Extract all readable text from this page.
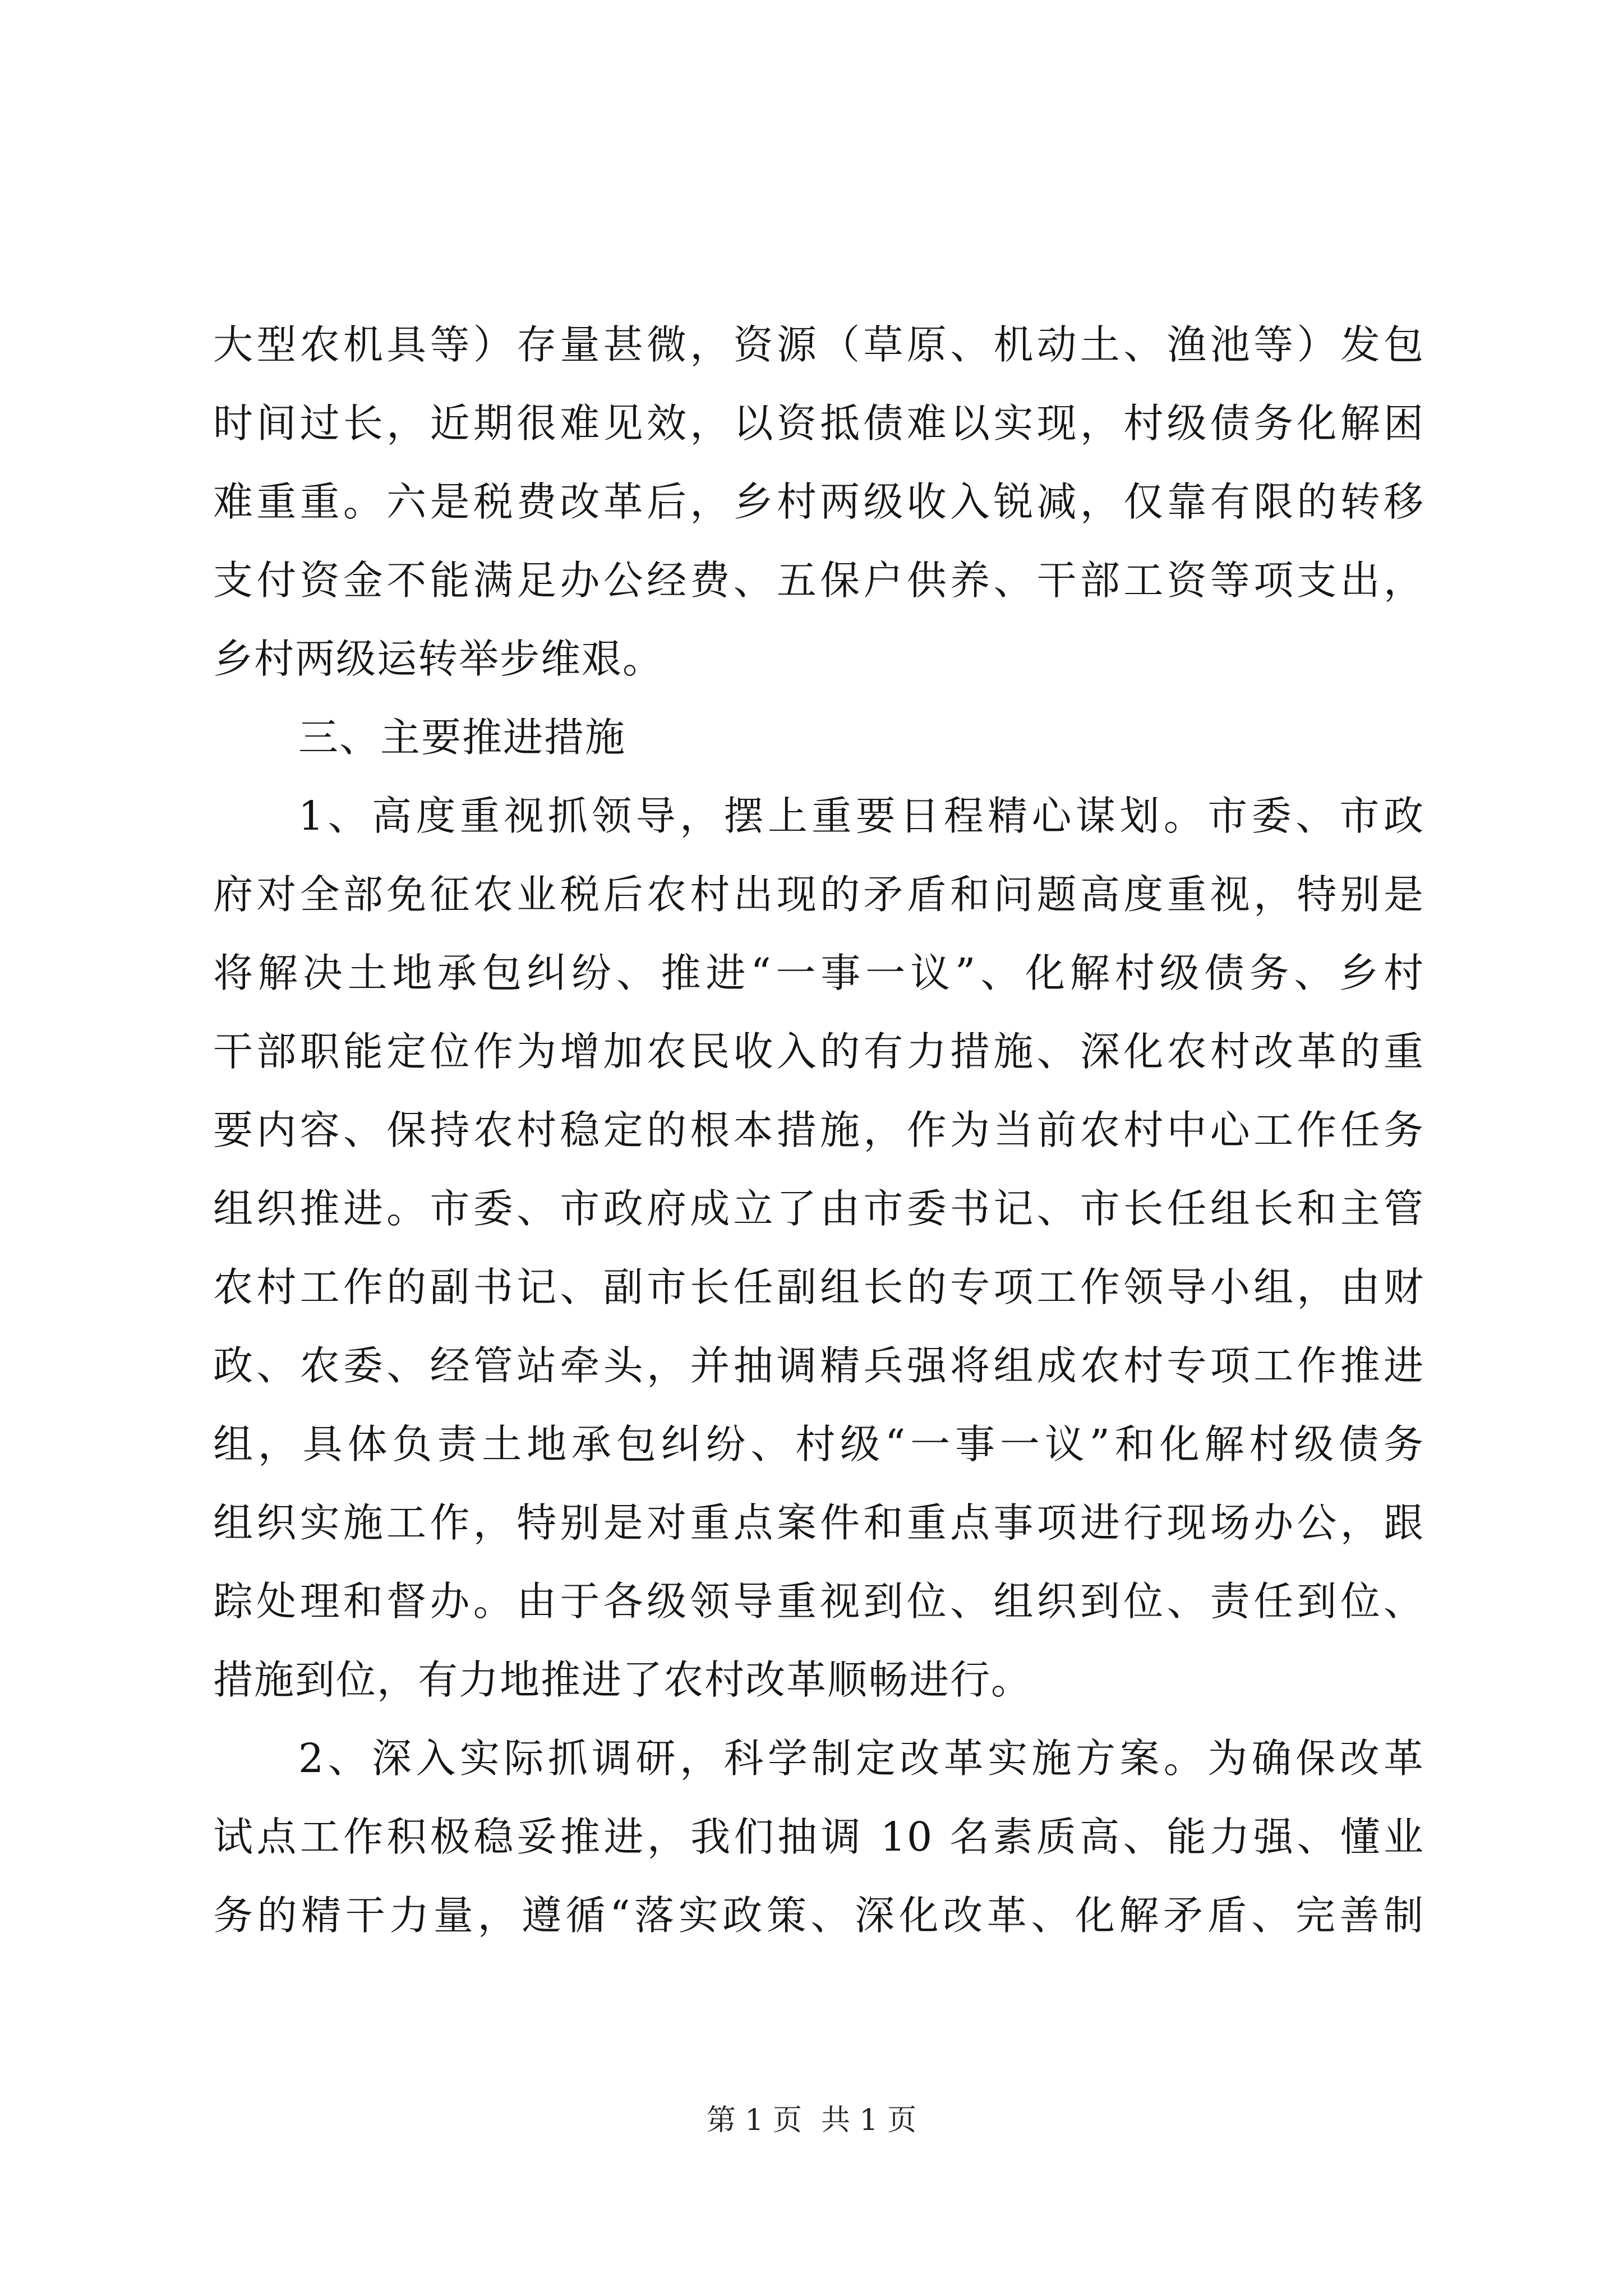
大型农机具等）存量甚微，资源（草原、机动土、渔池等）发包
时间过长，近期很难见效，以资抵债难以实现，村级债务化解困
难重重。六是税费改革后，乡村两级收入锐减，仅靠有限的转移
支付资金不能满足办公经费、五保户供养、干部工资等项支出，
乡村两级运转举步维艰。
三、主要推进措施
1、高度重视抓领导，摆上重要日程精心谋划。市委、市政
府对全部免征农业税后农村出现的矛盾和问题高度重视，特别是
将解决土地承包纠纷、推进“一事一议”、化解村级债务、乡村
干部职能定位作为增加农民收入的有力措施、深化农村改革的重
要内容、保持农村稳定的根本措施，作为当前农村中心工作任务
组织推进。市委、市政府成立了由市委书记、市长任组长和主管
农村工作的副书记、副市长任副组长的专项工作领导小组，由财
政、农委、经管站牵头，并抽调精兵强将组成农村专项工作推进
组，具体负责土地承包纠纷、村级“一事一议”和化解村级债务
组织实施工作，特别是对重点案件和重点事项进行现场办公，跟
踪处理和督办。由于各级领导重视到位、组织到位、责任到位、
措施到位，有力地推进了农村改革顺畅进行。
2、深入实际抓调研，科学制定改革实施方案。为确保改革
试点工作积极稳妥推进，我们抽调 10 名素质高、能力强、懂业
务的精干力量，遵循“落实政策、深化改革、化解矛盾、完善制
第 1 页 共 1 页
